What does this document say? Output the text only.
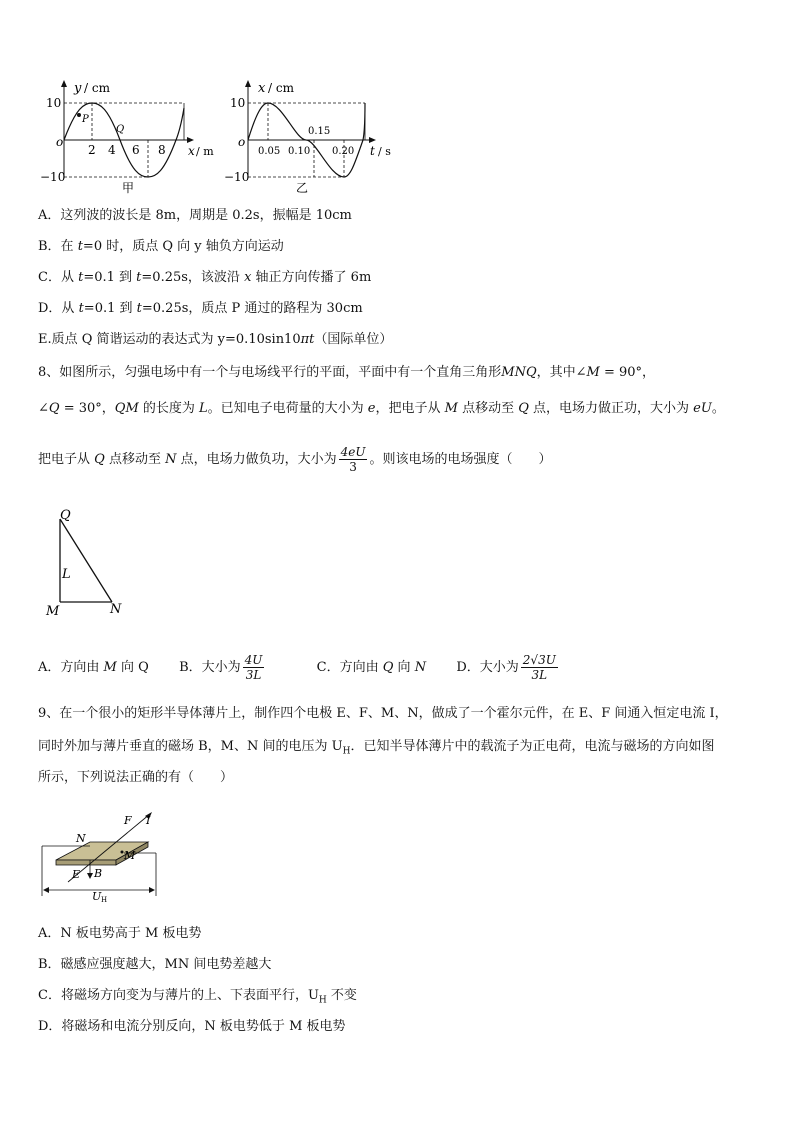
P
Q
y / cm
10
−10
o
2 4 6 8 x / m
甲
x / cm
10
−10
o
0.05 0.10
0.15
0.20 t / s
乙
A．这列波的波长是 8m，周期是 0.2s，振幅是 10cm
B．在 t=0 时，质点 Q 向 y 轴负方向运动
C．从 t=0.1 到 t=0.25s，该波沿 x 轴正方向传播了 6m
D．从 t=0.1 到 t=0.25s，质点 P 通过的路程为 30cm
E.质点 Q 简谐运动的表达式为 y=0.10sin10πt（国际单位）
8、如图所示，匀强电场中有一个与电场线平行的平面，平面中有一个直角三角形MNQ，其中∠M = 90°，
∠Q = 30°，QM 的长度为 L。已知电子电荷量的大小为 e，把电子从 M 点移动至 Q 点，电场力做正功，大小为 eU。
把电子从 Q 点移动至 N 点，电场力做负功，大小为 $\frac{4eU}{3}$ 。则该电场的电场强度（　　）
Q
L
M	N
A．方向由 M 向 Q B．大小为 $\frac{4U}{3L}$	C．方向由 Q 向 N D．大小为 $\frac{2√3U}{3L}$
9、在一个很小的矩形半导体薄片上，制作四个电极 E、F、M、N，做成了一个霍尔元件，在 E、F 间通入恒定电流 I，
同时外加与薄片垂直的磁场 B，M、N 间的电压为 $U_H$．已知半导体薄片中的载流子为正电荷，电流与磁场的方向如图
所示，下列说法正确的有（　　）
F I
N
M
E B
U H
A．N 板电势高于 M 板电势
B．磁感应强度越大，MN 间电势差越大
C．将磁场方向变为与薄片的上、下表面平行，$U_H$ 不变
D．将磁场和电流分别反向，N 板电势低于 M 板电势
